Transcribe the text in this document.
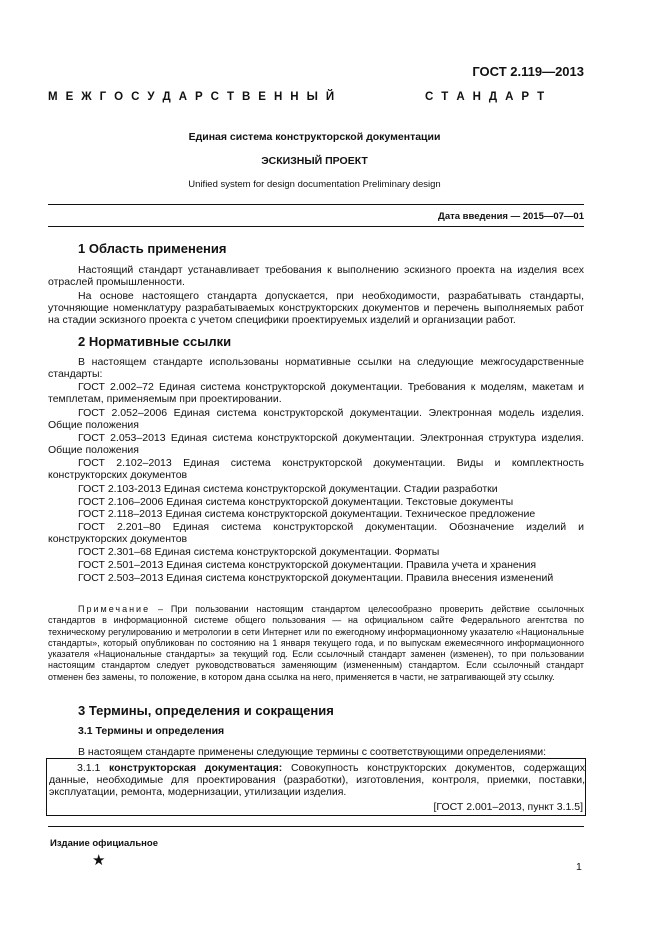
ГОСТ 2.119—2013
М Е Ж Г О С У Д А Р С Т В Е Н Н Ы Й	С Т А Н Д А Р Т
Единая система конструкторской документации
ЭСКИЗНЫЙ ПРОЕКТ
Unified system for design documentation Preliminary design
Дата введения — 2015—07—01
1 Область применения

Настоящий стандарт устанавливает требования к выполнению эскизного проекта на изделия всех отраслей промышленности.

На основе настоящего стандарта допускается, при необходимости, разрабатывать стандарты, уточняющие номенклатуру разрабатываемых конструкторских документов и перечень выполняемых работ на стадии эскизного проекта с учетом специфики проектируемых изделий и организации работ.

2 Нормативные ссылки

В настоящем стандарте использованы нормативные ссылки на следующие межгосударственные стандарты:

ГОСТ 2.002–72 Единая система конструкторской документации. Требования к моделям, макетам и темплетам, применяемым при проектировании.

ГОСТ 2.052–2006 Единая система конструкторской документации. Электронная модель изделия. Общие положения

ГОСТ 2.053–2013 Единая система конструкторской документации. Электронная структура изделия. Общие положения

ГОСТ 2.102–2013 Единая система конструкторской документации. Виды и комплектность конструкторских документов

ГОСТ 2.103-2013 Единая система конструкторской документации. Стадии разработки

ГОСТ 2.106–2006 Единая система конструкторской документации. Текстовые документы

ГОСТ 2.118–2013 Единая система конструкторской документации. Техническое предложение

ГОСТ 2.201–80 Единая система конструкторской документации. Обозначение изделий и конструкторских документов

ГОСТ 2.301–68 Единая система конструкторской документации. Форматы

ГОСТ 2.501–2013 Единая система конструкторской документации. Правила учета и хранения

ГОСТ 2.503–2013 Единая система конструкторской документации. Правила внесения изменений

Примечание – При пользовании настоящим стандартом целесообразно проверить действие ссылочных стандартов в информационной системе общего пользования — на официальном сайте Федерального агентства по техническому регулированию и метрологии в сети Интернет или по ежегодному информационному указателю «Национальные стандарты», который опубликован по состоянию на 1 января текущего года, и по выпускам ежемесячного информационного указателя «Национальные стандарты» за текущий год. Если ссылочный стандарт заменен (изменен), то при пользовании настоящим стандартом следует руководствоваться заменяющим (измененным) стандартом. Если ссылочный стандарт отменен без замены, то положение, в котором дана ссылка на него, применяется в части, не затрагивающей эту ссылку.

3 Термины, определения и сокращения
3.1 Термины и определения

В настоящем стандарте применены следующие термины с соответствующими определениями:

3.1.1 конструкторская документация: Совокупность конструкторских документов, содержащих данные, необходимые для проектирования (разработки), изготовления, контроля, приемки, поставки, эксплуатации, ремонта, модернизации, утилизации изделия.

[ГОСТ 2.001–2013, пункт 3.1.5]
Издание официальное
★	1
